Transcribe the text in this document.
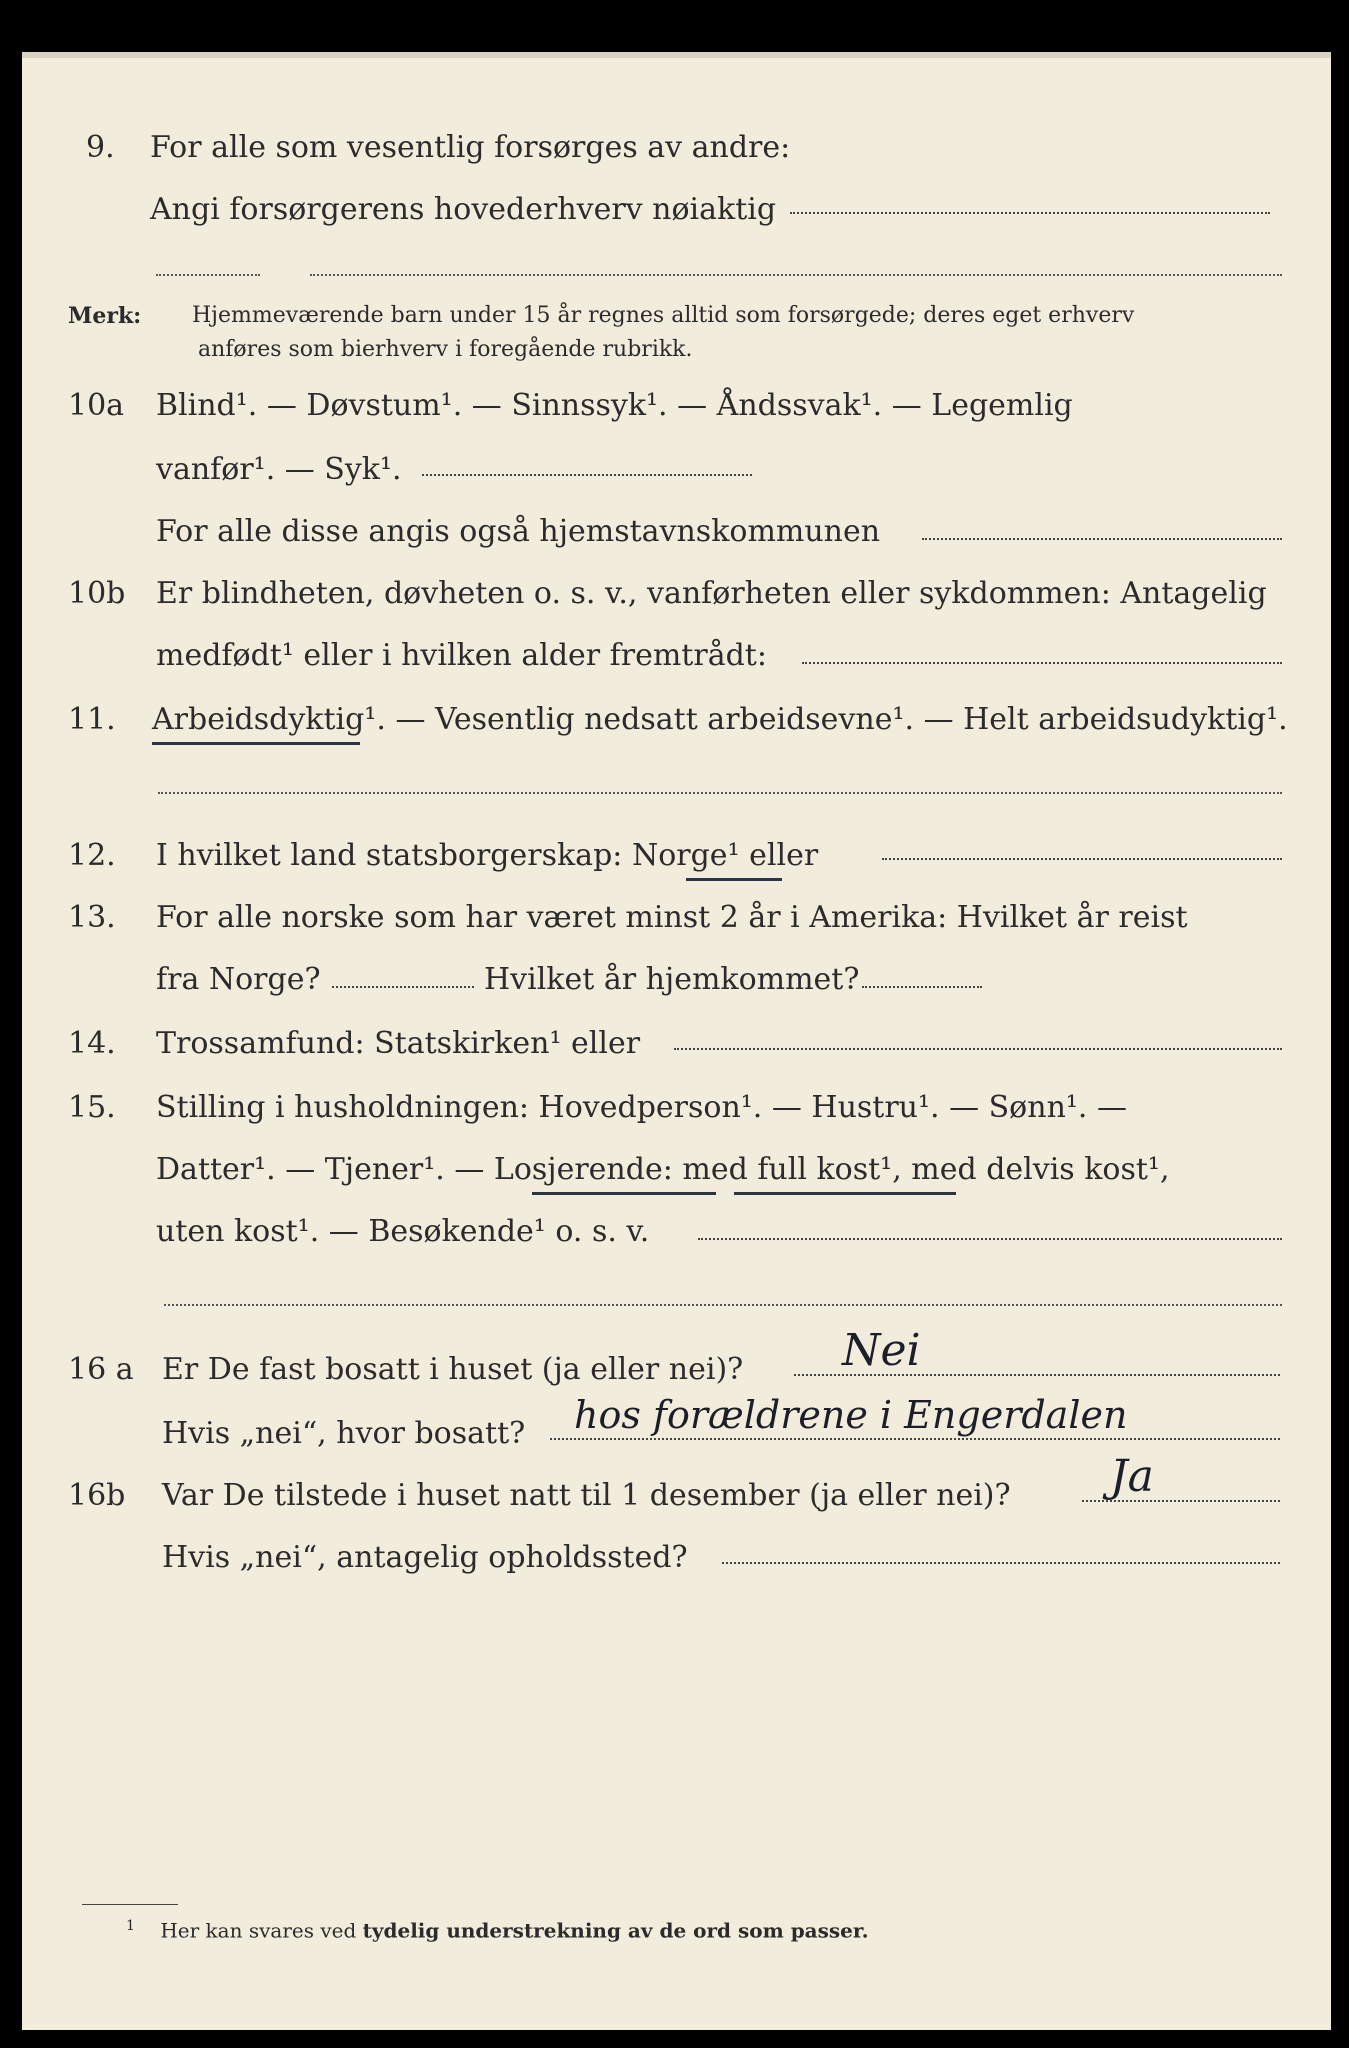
9. For alle som vesentlig forsørges av andre:
Angi forsørgerens hovederhverv nøiaktig
Merk: Hjemmeværende barn under 15 år regnes alltid som forsørgede; deres eget erhverv
anføres som bierhverv i foregående rubrikk.
10a Blind¹. — Døvstum¹. — Sinnssyk¹. — Åndssvak¹. — Legemlig
vanfør¹. — Syk¹.
For alle disse angis også hjemstavnskommunen
10b Er blindheten, døvheten o. s. v., vanførheten eller sykdommen: Antagelig
medfødt¹ eller i hvilken alder fremtrådt:
11. Arbeidsdyktig¹. — Vesentlig nedsatt arbeidsevne¹. — Helt arbeidsudyktig¹.
12. I hvilket land statsborgerskap: Norge¹ eller
13. For alle norske som har været minst 2 år i Amerika: Hvilket år reist
fra Norge?	Hvilket år hjemkommet?
14. Trossamfund: Statskirken¹ eller
15. Stilling i husholdningen: Hovedperson¹. — Hustru¹. — Sønn¹. —
Datter¹. — Tjener¹. — Losjerende: med full kost¹, med delvis kost¹,
uten kost¹. — Besøkende¹ o. s. v.
16 a Er De fast bosatt i huset (ja eller nei)? Nei
Hvis „nei“, hvor bosatt? hos forældrene i Engerdalen
16b Var De tilstede i huset natt til 1 desember (ja eller nei)? Ja
Hvis „nei“, antagelig opholdssted?
$^1$ Her kan svares ved tydelig understrekning av de ord som passer.
